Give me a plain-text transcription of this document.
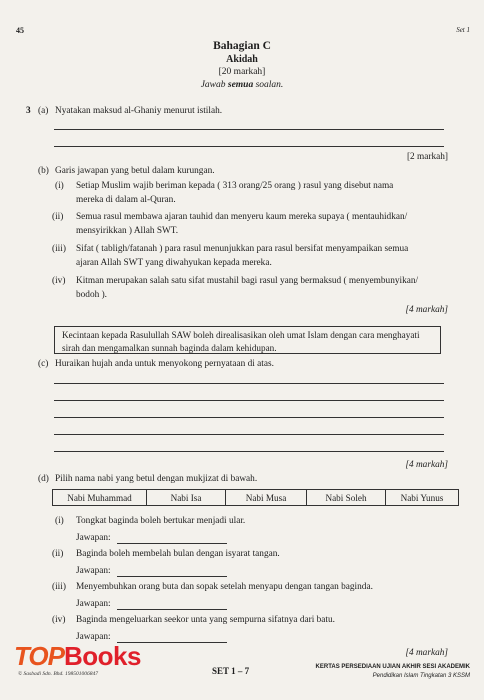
45	Set 1
Bahagian C
Akidah
[20 markah]
Jawab semua soalan.
3 (a) Nyatakan maksud al-Ghaniy menurut istilah.
[2 markah]
(b) Garis jawapan yang betul dalam kurungan.
(i) Setiap Muslim wajib beriman kepada ( 313 orang/25 orang ) rasul yang disebut nama
mereka di dalam al-Quran.
(ii) Semua rasul membawa ajaran tauhid dan menyeru kaum mereka supaya ( mentauhidkan/
mensyirikkan ) Allah SWT.
(iii) Sifat ( tabligh/fatanah ) para rasul menunjukkan para rasul bersifat menyampaikan semua
ajaran Allah SWT yang diwahyukan kepada mereka.
(iv) Kitman merupakan salah satu sifat mustahil bagi rasul yang bermaksud ( menyembunyikan/
bodoh ).
[4 markah]
Kecintaan kepada Rasulullah SAW boleh direalisasikan oleh umat Islam dengan cara menghayati sirah dan mengamalkan sunnah baginda dalam kehidupan.
(c) Huraikan hujah anda untuk menyokong pernyataan di atas.
[4 markah]
(d) Pilih nama nabi yang betul dengan mukjizat di bawah.
Nabi Muhammad	Nabi Isa	Nabi Musa	Nabi Soleh	Nabi Yunus
(i) Tongkat baginda boleh bertukar menjadi ular.
Jawapan:
(ii) Baginda boleh membelah bulan dengan isyarat tangan.
Jawapan:
(iii) Menyembuhkan orang buta dan sopak setelah menyapu dengan tangan baginda.
Jawapan:
(iv) Baginda mengeluarkan seekor unta yang sempurna sifatnya dari batu.
Jawapan:
[4 markah]
TOPBooks
© Sasbadi Sdn. Bhd. 198501006847	SET 1 – 7	KERTAS PERSEDIAAN UJIAN AKHIR SESI AKADEMIK
Pendidikan Islam Tingkatan 3 KSSM
